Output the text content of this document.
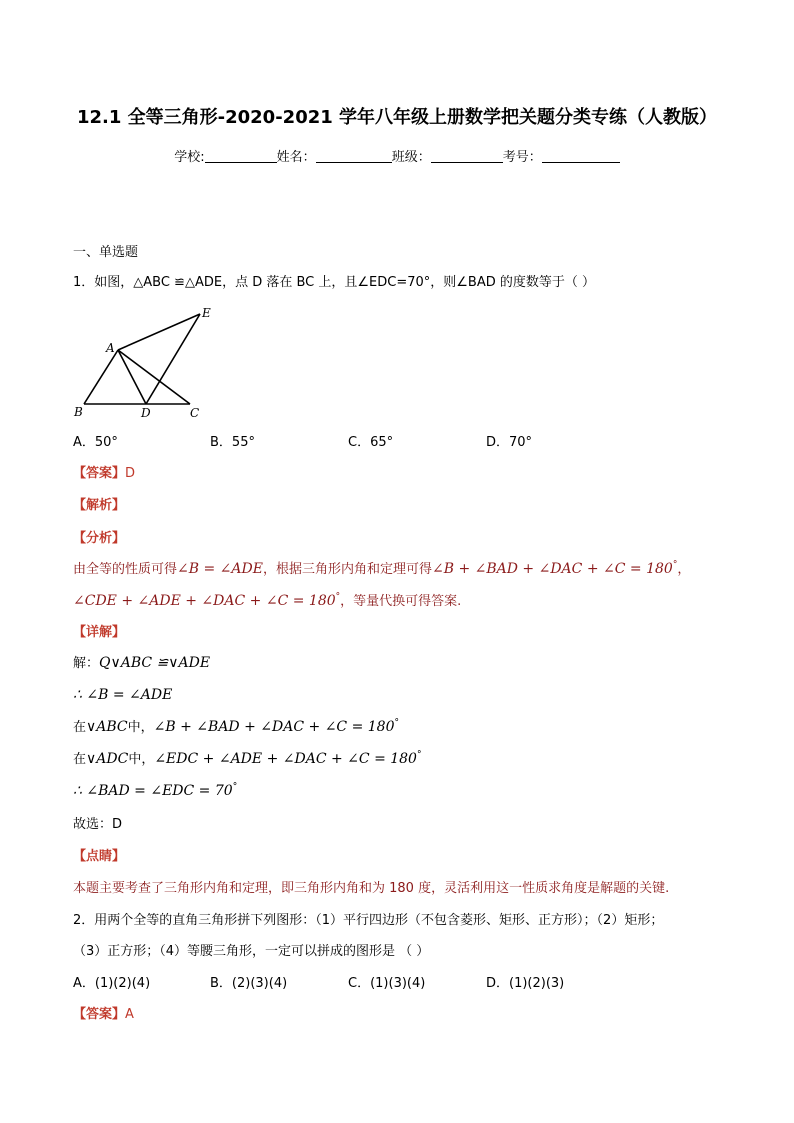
12.1 全等三角形-2020-2021 学年八年级上册数学把关题分类专练（人教版）
学校:	姓名：	班级：	考号：
一、单选题
1．如图，△ABC ≌△ADE，点 D 落在 BC 上，且∠EDC=70°，则∠BAD 的度数等于（ ）
A
E
B	D	C
A．50°	B．55°	C．65°	D．70°
【答案】D
【解析】
【分析】
由全等的性质可得∠B = ∠ADE，根据三角形内角和定理可得∠B + ∠BAD + ∠DAC + ∠C = 180°，
∠CDE + ∠ADE + ∠DAC + ∠C = 180°，等量代换可得答案.
【详解】
解：Q∨ABC ≌∨ADE
∴ ∠B = ∠ADE
在∨ABC中，∠B + ∠BAD + ∠DAC + ∠C = 180°
在∨ADC中，∠EDC + ∠ADE + ∠DAC + ∠C = 180°
∴ ∠BAD = ∠EDC = 70°
故选：D
【点睛】
本题主要考查了三角形内角和定理，即三角形内角和为 180 度，灵活利用这一性质求角度是解题的关键.
2．用两个全等的直角三角形拼下列图形：（1）平行四边形（不包含菱形、矩形、正方形）；（2）矩形；
（3）正方形；（4）等腰三角形，一定可以拼成的图形是 （ ）
A．(1)(2)(4)	B．(2)(3)(4)	C．(1)(3)(4)	D．(1)(2)(3)
【答案】A
